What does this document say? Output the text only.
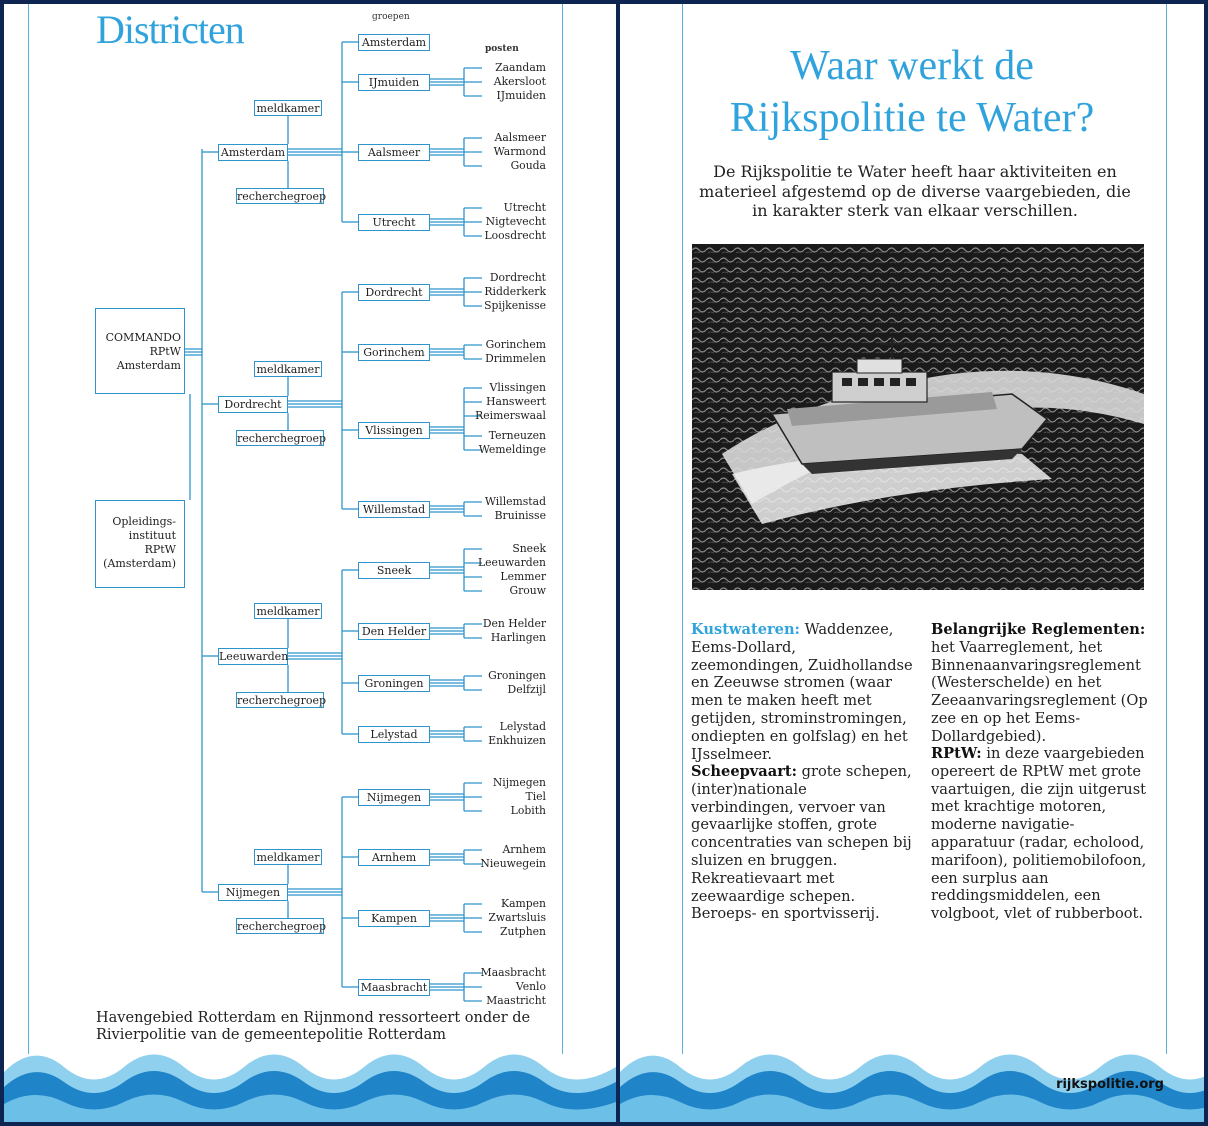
Districten	groepen
posten
COMMANDO
RPtW
Amsterdam
Opleidings-
instituut
RPtW
(Amsterdam)
Amsterdam
meldkamer
recherchegroep
Amsterdam
IJmuiden
Zaandam
Akersloot
IJmuiden
Aalsmeer
Aalsmeer
Warmond
Gouda
Utrecht
Utrecht
Nigtevecht
Loosdrecht
Dordrecht
meldkamer
recherchegroep
Dordrecht
Dordrecht
Ridderkerk
Spijkenisse
Gorinchem
Gorinchem
Drimmelen
Vlissingen
Vlissingen
Hansweert
Reimerswaal
Terneuzen
Wemeldinge
Willemstad
Willemstad
Bruinisse
Leeuwarden
meldkamer
recherchegroep
Sneek
Sneek
Leeuwarden
Lemmer
Grouw
Den Helder
Den Helder
Harlingen
Groningen
Groningen
Delfzijl
Lelystad
Lelystad
Enkhuizen
Nijmegen
meldkamer
recherchegroep
Nijmegen
Nijmegen
Tiel
Lobith
Arnhem
Arnhem
Nieuwegein
Kampen
Kampen
Zwartsluis
Zutphen
Maasbracht
Maasbracht
Venlo
Maastricht
Havengebied Rotterdam en Rijnmond ressorteert onder de Rivierpolitie van de gemeentepolitie Rotterdam
Waar werkt de
Rijkspolitie te Water?
De Rijkspolitie te Water heeft haar aktiviteiten en materieel afgestemd op de diverse vaargebieden, die in karakter sterk van elkaar verschillen.
Kustwateren: Waddenzee, Eems-Dollard, zeemondingen, Zuidhollandse en Zeeuwse stromen (waar men te maken heeft met getijden, strominstromingen, ondiepten en golfslag) en het IJsselmeer.
Scheepvaart: grote schepen, (inter)nationale verbindingen, vervoer van gevaarlijke stoffen, grote concentraties van schepen bij sluizen en bruggen. Rekreatievaart met zeewaardige schepen. Beroeps- en sportvisserij.
Belangrijke Reglementen: het Vaarreglement, het Binnenaanvaringsreglement (Westerschelde) en het Zeeaanvaringsreglement (Op zee en op het Eems-Dollardgebied).
RPtW: in deze vaargebieden opereert de RPtW met grote vaartuigen, die zijn uitgerust met krachtige motoren, moderne navigatie-apparatuur (radar, echolood, marifoon), politiemobilofoon, een surplus aan reddingsmiddelen, een volgboot, vlet of rubberboot.
rijkspolitie.org
